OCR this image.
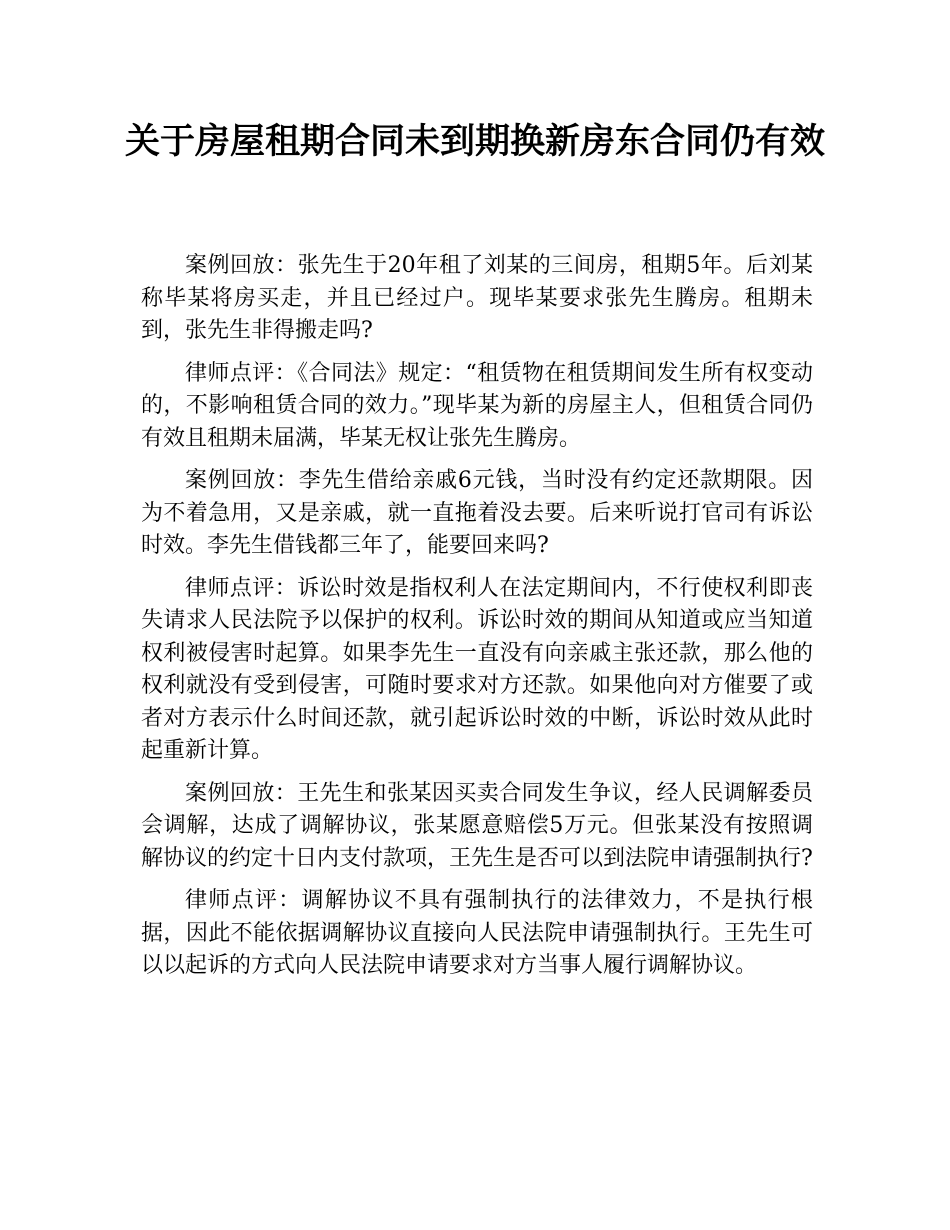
关于房屋租期合同未到期换新房东合同仍有效

案例回放：张先生于20年租了刘某的三间房，租期5年。后刘某称毕某将房买走，并且已经过户。现毕某要求张先生腾房。租期未到，张先生非得搬走吗?

律师点评：《合同法》规定：“租赁物在租赁期间发生所有权变动的，不影响租赁合同的效力。”现毕某为新的房屋主人，但租赁合同仍有效且租期未届满，毕某无权让张先生腾房。

案例回放：李先生借给亲戚6元钱，当时没有约定还款期限。因为不着急用，又是亲戚，就一直拖着没去要。后来听说打官司有诉讼时效。李先生借钱都三年了，能要回来吗?

律师点评：诉讼时效是指权利人在法定期间内，不行使权利即丧失请求人民法院予以保护的权利。诉讼时效的期间从知道或应当知道权利被侵害时起算。如果李先生一直没有向亲戚主张还款，那么他的权利就没有受到侵害，可随时要求对方还款。如果他向对方催要了或者对方表示什么时间还款，就引起诉讼时效的中断，诉讼时效从此时起重新计算。

案例回放：王先生和张某因买卖合同发生争议，经人民调解委员会调解，达成了调解协议，张某愿意赔偿5万元。但张某没有按照调解协议的约定十日内支付款项，王先生是否可以到法院申请强制执行?

律师点评：调解协议不具有强制执行的法律效力，不是执行根据，因此不能依据调解协议直接向人民法院申请强制执行。王先生可以以起诉的方式向人民法院申请要求对方当事人履行调解协议。
